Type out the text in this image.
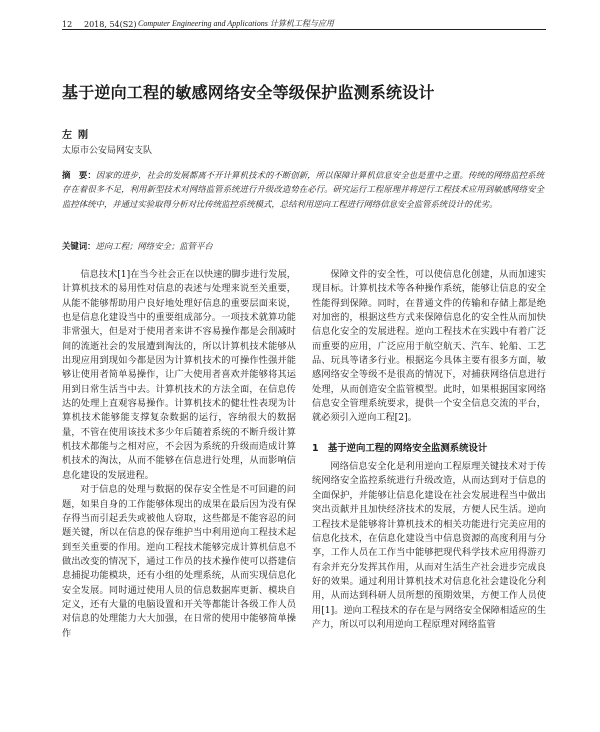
12	2018, 54(S2) Computer Engineering and Applications 计算机工程与应用
基于逆向工程的敏感网络安全等级保护监测系统设计
左刚
太原市公安局网安支队
摘　要：因家的进步，社会的发展都离不开计算机技术的不断创新，所以保障计算机信息安全也是重中之重。传统的网络监控系统存在着很多不足，利用新型技术对网络监管系统进行升级改造势在必行。研究运行工程原理并将逆行工程技术应用到敏感网络安全监控体统中，并通过实验取得分析对比传统监控系统模式，总结利用逆向工程进行网络信息安全监管系统设计的优劣。
关键词：逆向工程；网络安全；监管平台

信息技术[1]在当今社会正在以快速的脚步进行发展，计算机技术的易用性对信息的表述与处理来说至关重要，从能不能够帮助用户良好地处理好信息的重要层面来说，也是信息化建设当中的重要组成部分。一项技术就算功能非常强大，但是对于使用者来讲不容易操作都是会削减时间的流逝社会的发展遭到淘汰的，所以计算机技术能够从出现应用到现如今都是因为计算机技术的可操作性强并能够让使用者简单易操作，让广大使用者喜欢并能够将其运用到日常生活当中去。计算机技术的方法全面，在信息传达的处理上直观容易操作。计算机技术的健壮性表现为计算机技术能够能支撑复杂数据的运行，容纳很大的数据量，不管在使用该技术多少年后随着系统的不断升级计算机技术都能与之相对应，不会因为系统的升级而造成计算机技术的淘汰，从而不能够在信息进行处理，从而影响信息化建设的发展进程。

对于信息的处理与数据的保存安全性是不可回避的问题，如果自身的工作能够体现出的成果在最后因为没有保存得当而引起丢失或被他人窃取，这些都是不能容忍的问题关键，所以在信息的保存维护当中利用逆向工程技术起到至关重要的作用。逆向工程技术能够完成计算机信息不做出改变的情况下，通过工作员的技术操作使可以搭建信息捕捉功能模块，还有小组的处理系统，从而实现信息化安全发展。同时通过使用人员的信息数据库更新、模块自定义，还有大量的电脑设置和开关等都能计各级工作人员对信息的处理能力大大加强，在日常的使用中能够简单操作

保障文件的安全性，可以使信息化创建，从而加速实现目标。计算机技术等各种操作系统，能够让信息的安全性能得到保障。同时，在普通文件的传输和存储上都是绝对加密的，根据这些方式来保障信息化的安全性从而加快信息化安全的发展进程。逆向工程技术在实践中有着广泛而重要的应用，广泛应用于航空航天、汽车、轮船、工艺品、玩具等诸多行业。根据迄今具体主要有很多方面，敏感网络安全等级不是很高的情况下，对捕获网络信息进行处理，从而创造安全监管模型。此时，如果根据国家网络信息安全管理系统要求，提供一个安全信息交流的平台，就必须引入逆向工程[2]。

1　基于逆向工程的网络安全监测系统设计

网络信息安全化是利用逆向工程原理关键技术对于传统网络安全监控系统进行升级改造，从而达到对于信息的全面保护，并能够让信息化建设在社会发展进程当中做出突出贡献并且加快经济技术的发展，方便人民生活。逆向工程技术是能够将计算机技术的相关功能进行完美应用的信息化技术，在信息化建设当中信息资源的高度利用与分享，工作人员在工作当中能够把现代科学技术应用得游刃有余并充分发挥其作用，从而对生活生产社会进步完成良好的效果。通过利用计算机技术对信息化社会建设化分利用，从而达到科研人员所想的预期效果，方便工作人员使用[1]。逆向工程技术的存在是与网络安全保障相适应的生产力，所以可以利用逆向工程原理对网络监管
